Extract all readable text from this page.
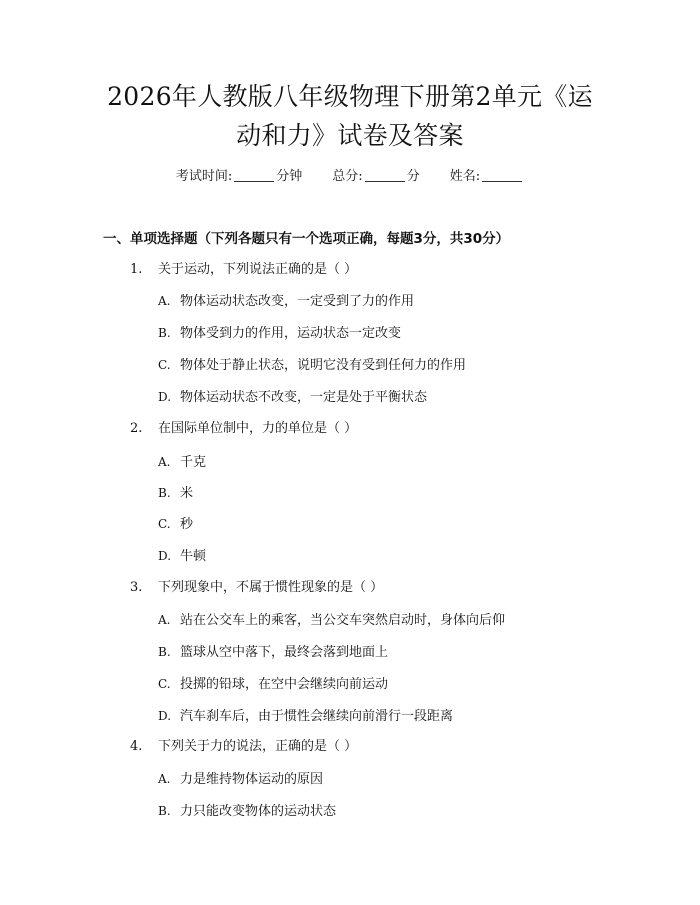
2026年人教版八年级物理下册第2单元《运
动和力》试卷及答案
考试时间:	分钟 总分:	分 姓名:
一、单项选择题（下列各题只有一个选项正确，每题3分，共30分）
1. 关于运动，下列说法正确的是（ ）
A. 物体运动状态改变，一定受到了力的作用
B. 物体受到力的作用，运动状态一定改变
C. 物体处于静止状态，说明它没有受到任何力的作用
D. 物体运动状态不改变，一定是处于平衡状态
2. 在国际单位制中，力的单位是（ ）
A. 千克
B. 米
C. 秒
D. 牛顿
3. 下列现象中，不属于惯性现象的是（ ）
A. 站在公交车上的乘客，当公交车突然启动时，身体向后仰
B. 篮球从空中落下，最终会落到地面上
C. 投掷的铅球，在空中会继续向前运动
D. 汽车刹车后，由于惯性会继续向前滑行一段距离
4. 下列关于力的说法，正确的是（ ）
A. 力是维持物体运动的原因
B. 力只能改变物体的运动状态
